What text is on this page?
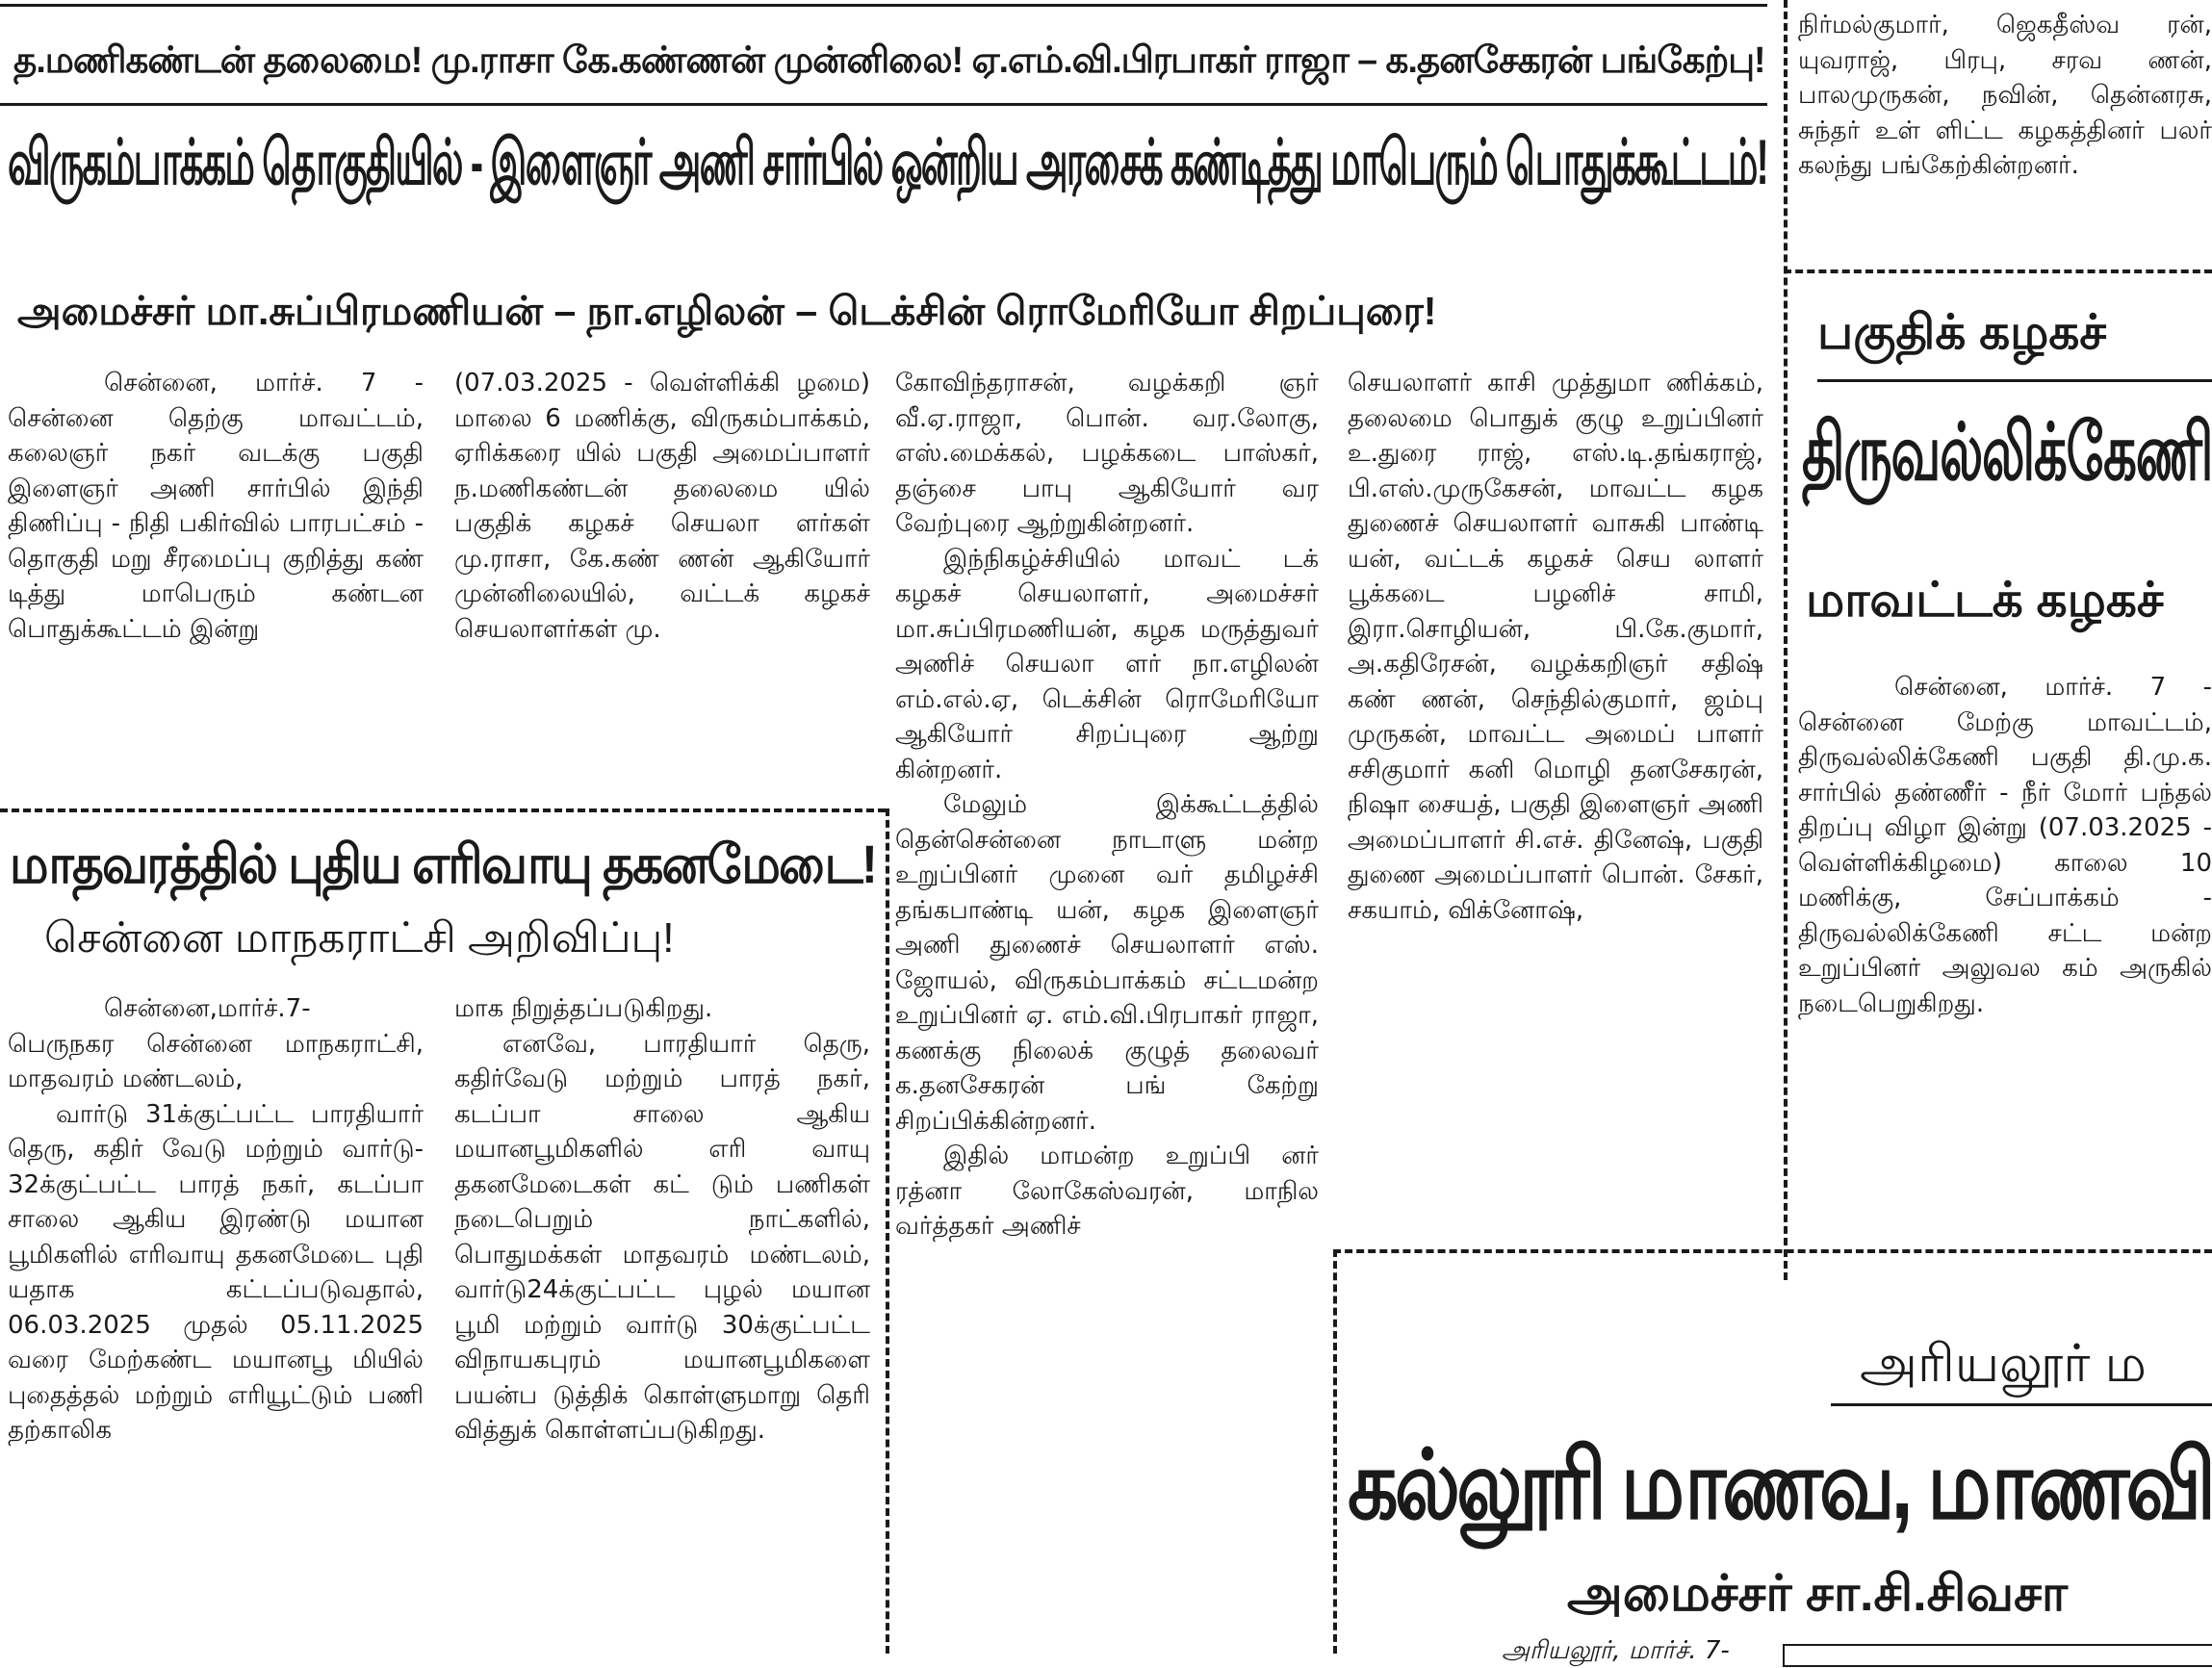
த.மணிகண்டன் தலைமை! மு.ராசா கே.கண்ணன் முன்னிலை! ஏ.எம்.வி.பிரபாகர் ராஜா – க.தனசேகரன் பங்கேற்பு!
விருகம்பாக்கம் தொகுதியில் - இளைஞர் அணி சார்பில் ஒன்றிய அரசைக் கண்டித்து மாபெரும் பொதுக்கூட்டம்!
அமைச்சர் மா.சுப்பிரமணியன் – நா.எழிலன் – டெக்சின் ரொமேரியோ சிறப்புரை!

சென்னை, மார்ச். 7 - சென்னை தெற்கு மாவட்டம், கலைஞர் நகர் வடக்கு பகுதி இளைஞர் அணி சார்பில் இந்தி திணிப்பு - நிதி பகிர்வில் பாரபட்சம் - தொகுதி மறு சீரமைப்பு குறித்து கண் டித்து மாபெரும் கண்டன பொதுக்கூட்டம் இன்று

(07.03.2025 - வெள்ளிக்கி ழமை) மாலை 6 மணிக்கு, விருகம்பாக்கம், ஏரிக்கரை யில் பகுதி அமைப்பாளர் ந.மணிகண்டன் தலைமை யில் பகுதிக் கழகச் செயலா ளர்கள் மு.ராசா, கே.கண் ணன் ஆகியோர் முன்னிலையில், வட்டக் கழகச் செயலாளர்கள் மு.

கோவிந்தராசன், வழக்கறி ஞர் வீ.ஏ.ராஜா, பொன். வர.லோகு, எஸ்.மைக்கல், பழக்கடை பாஸ்கர், தஞ்சை பாபு ஆகியோர் வர வேற்புரை ஆற்றுகின்றனர்.

இந்நிகழ்ச்சியில் மாவட் டக் கழகச் செயலாளர், அமைச்சர் மா.சுப்பிரமணியன், கழக மருத்துவர் அணிச் செயலா ளர் நா.எழிலன் எம்.எல்.ஏ, டெக்சின் ரொமேரியோ ஆகியோர் சிறப்புரை ஆற்று கின்றனர்.

மேலும் இக்கூட்டத்தில் தென்சென்னை நாடாளு மன்ற உறுப்பினர் முனை வர் தமிழச்சி தங்கபாண்டி யன், கழக இளைஞர் அணி துணைச் செயலாளர் எஸ். ஜோயல், விருகம்பாக்கம் சட்டமன்ற உறுப்பினர் ஏ. எம்.வி.பிரபாகர் ராஜா, கணக்கு நிலைக் குழுத் தலைவர் க.தனசேகரன் பங் கேற்று சிறப்பிக்கின்றனர்.

இதில் மாமன்ற உறுப்பி னர் ரத்னா லோகேஸ்வரன், மாநில வர்த்தகர் அணிச்

செயலாளர் காசி முத்துமா ணிக்கம், தலைமை பொதுக் குழு உறுப்பினர் உ.துரை ராஜ், எஸ்.டி.தங்கராஜ், பி.எஸ்.முருகேசன், மாவட்ட கழக துணைச் செயலாளர் வாசுகி பாண்டி யன், வட்டக் கழகச் செய லாளர் பூக்கடை பழனிச் சாமி, இரா.சொழியன், பி.கே.குமார், அ.கதிரேசன், வழக்கறிஞர் சதிஷ் கண் ணன், செந்தில்குமார், ஜம்பு முருகன், மாவட்ட அமைப் பாளர் சசிகுமார் கனி மொழி தனசேகரன், நிஷா சையத், பகுதி இளைஞர் அணி அமைப்பாளர் சி.எச். தினேஷ், பகுதி துணை அமைப்பாளர் பொன். சேகர், சகயாம், விக்னோஷ்,

மாதவரத்தில் புதிய எரிவாயு தகனமேடை!
சென்னை மாநகராட்சி அறிவிப்பு!

சென்னை,மார்ச்.7- பெருநகர சென்னை மாநகராட்சி, மாதவரம் மண்டலம்,

வார்டு 31க்குட்பட்ட பாரதியார் தெரு, கதிர் வேடு மற்றும் வார்டு- 32க்குட்பட்ட பாரத் நகர், கடப்பா சாலை ஆகிய இரண்டு மயான பூமிகளில் எரிவாயு தகனமேடை புதி யதாக கட்டப்படுவதால், 06.03.2025 முதல் 05.11.2025 வரை மேற்கண்ட மயானபூ மியில் புதைத்தல் மற்றும் எரியூட்டும் பணி தற்காலிக

மாக நிறுத்தப்படுகிறது.

எனவே, பாரதியார் தெரு, கதிர்வேடு மற்றும் பாரத் நகர், கடப்பா சாலை ஆகிய மயானபூமிகளில் எரி வாயு தகனமேடைகள் கட் டும் பணிகள் நடைபெறும் நாட்களில், பொதுமக்கள் மாதவரம் மண்டலம், வார்டு24க்குட்பட்ட புழல் மயான பூமி மற்றும் வார்டு 30க்குட்பட்ட விநாயகபுரம் மயானபூமிகளை பயன்ப டுத்திக் கொள்ளுமாறு தெரி வித்துக் கொள்ளப்படுகிறது.

நிர்மல்குமார், ஜெகதீஸ்வ ரன், யுவராஜ், பிரபு, சரவ ணன், பாலமுருகன், நவின், தென்னரசு, சுந்தர் உள் ளிட்ட கழகத்தினர் பலர் கலந்து பங்கேற்கின்றனர்.

பகுதிக் கழகச்
திருவல்லிக்கேணி
மாவட்டக் கழகச்

சென்னை, மார்ச். 7 - சென்னை மேற்கு மாவட்டம், திருவல்லிக்கேணி பகுதி தி.மு.க. சார்பில் தண்ணீர் - நீர் மோர் பந்தல் திறப்பு விழா இன்று (07.03.2025 - வெள்ளிக்கிழமை) காலை 10 மணிக்கு, சேப்பாக்கம் - திருவல்லிக்கேணி சட்ட மன்ற உறுப்பினர் அலுவல கம் அருகில் நடைபெறுகிறது.

அரியலூர் ம
கல்லூரி மாணவ, மாணவி
அமைச்சர் சா.சி.சிவசா
அரியலூர், மார்ச். 7-
